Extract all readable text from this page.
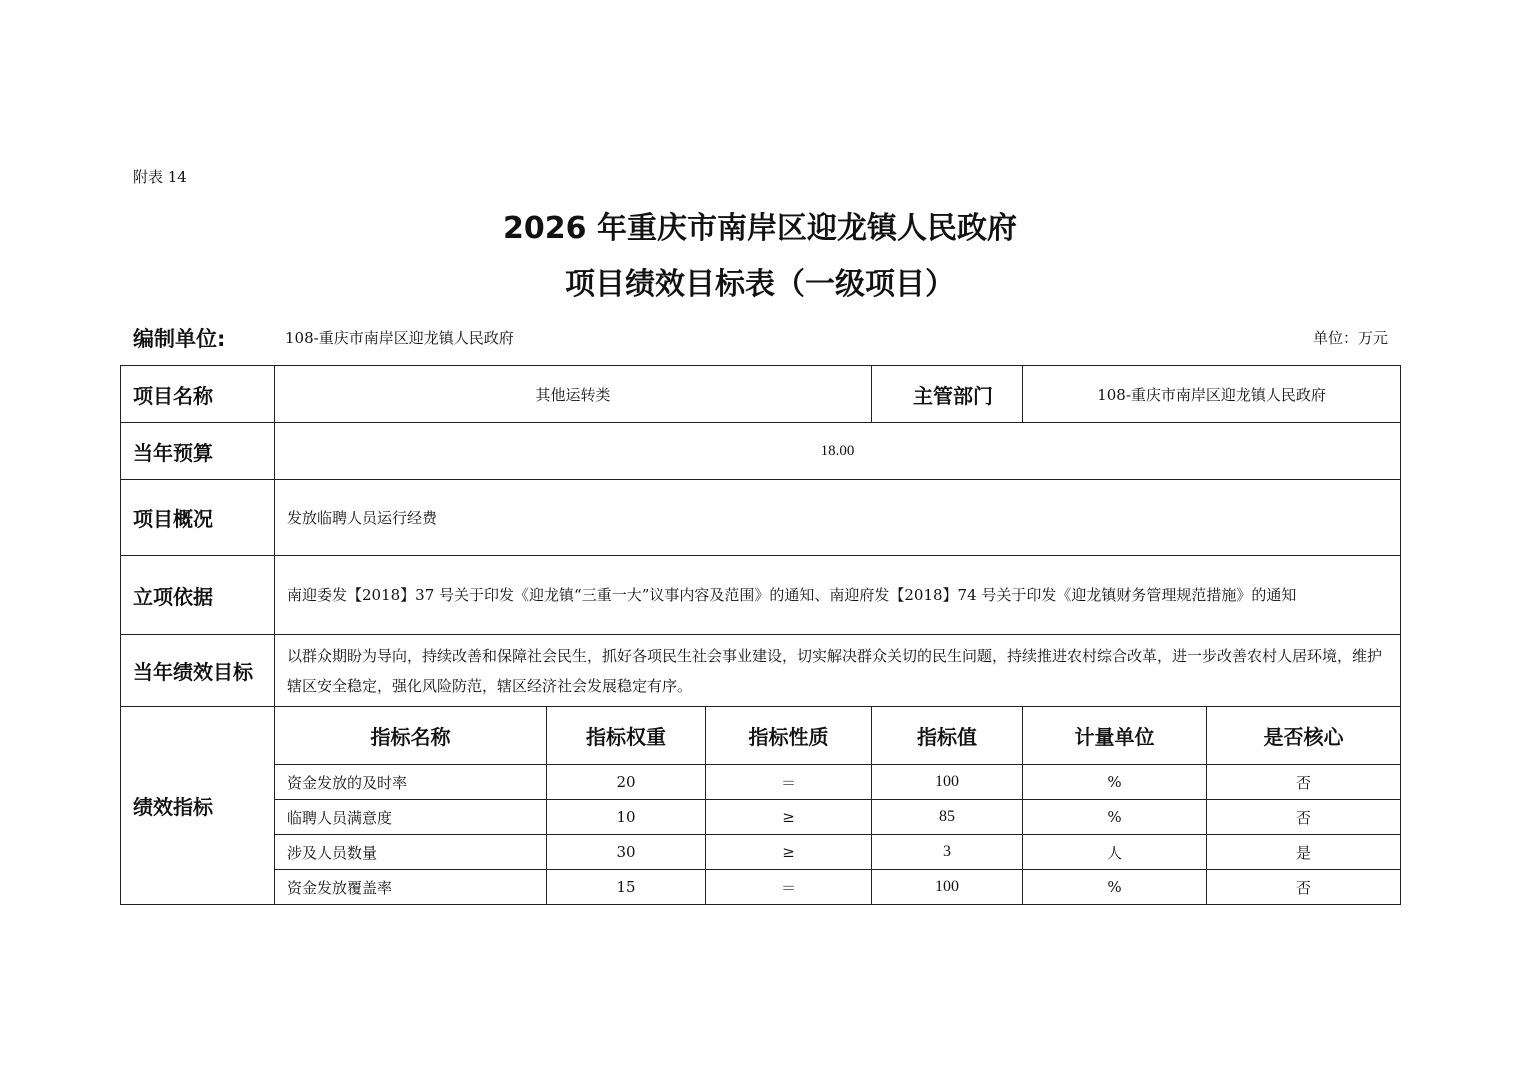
附表 14
2026 年重庆市南岸区迎龙镇人民政府
项目绩效目标表（一级项目）
编制单位:	108-重庆市南岸区迎龙镇人民政府	单位：万元
项目名称	其他运转类			主管部门	108-重庆市南岸区迎龙镇人民政府	
当年预算	18.00					
项目概况	发放临聘人员运行经费					
立项依据	南迎委发【2018】37 号关于印发《迎龙镇“三重一大”议事内容及范围》的通知、南迎府发【2018】74 号关于印发《迎龙镇财务管理规范措施》的通知					
当年绩效目标	以群众期盼为导向，持续改善和保障社会民生，抓好各项民生社会事业建设，切实解决群众关切的民生问题，持续推进农村综合改革，进一步改善农村人居环境，维护辖区安全稳定，强化风险防范，辖区经济社会发展稳定有序。					
绩效指标	指标名称	指标权重	指标性质	指标值	计量单位	是否核心
	资金发放的及时率	20	＝	100	%	否
	临聘人员满意度	10	≥	85	%	否
	涉及人员数量	30	≥	3	人	是
	资金发放覆盖率	15	＝	100	%	否
